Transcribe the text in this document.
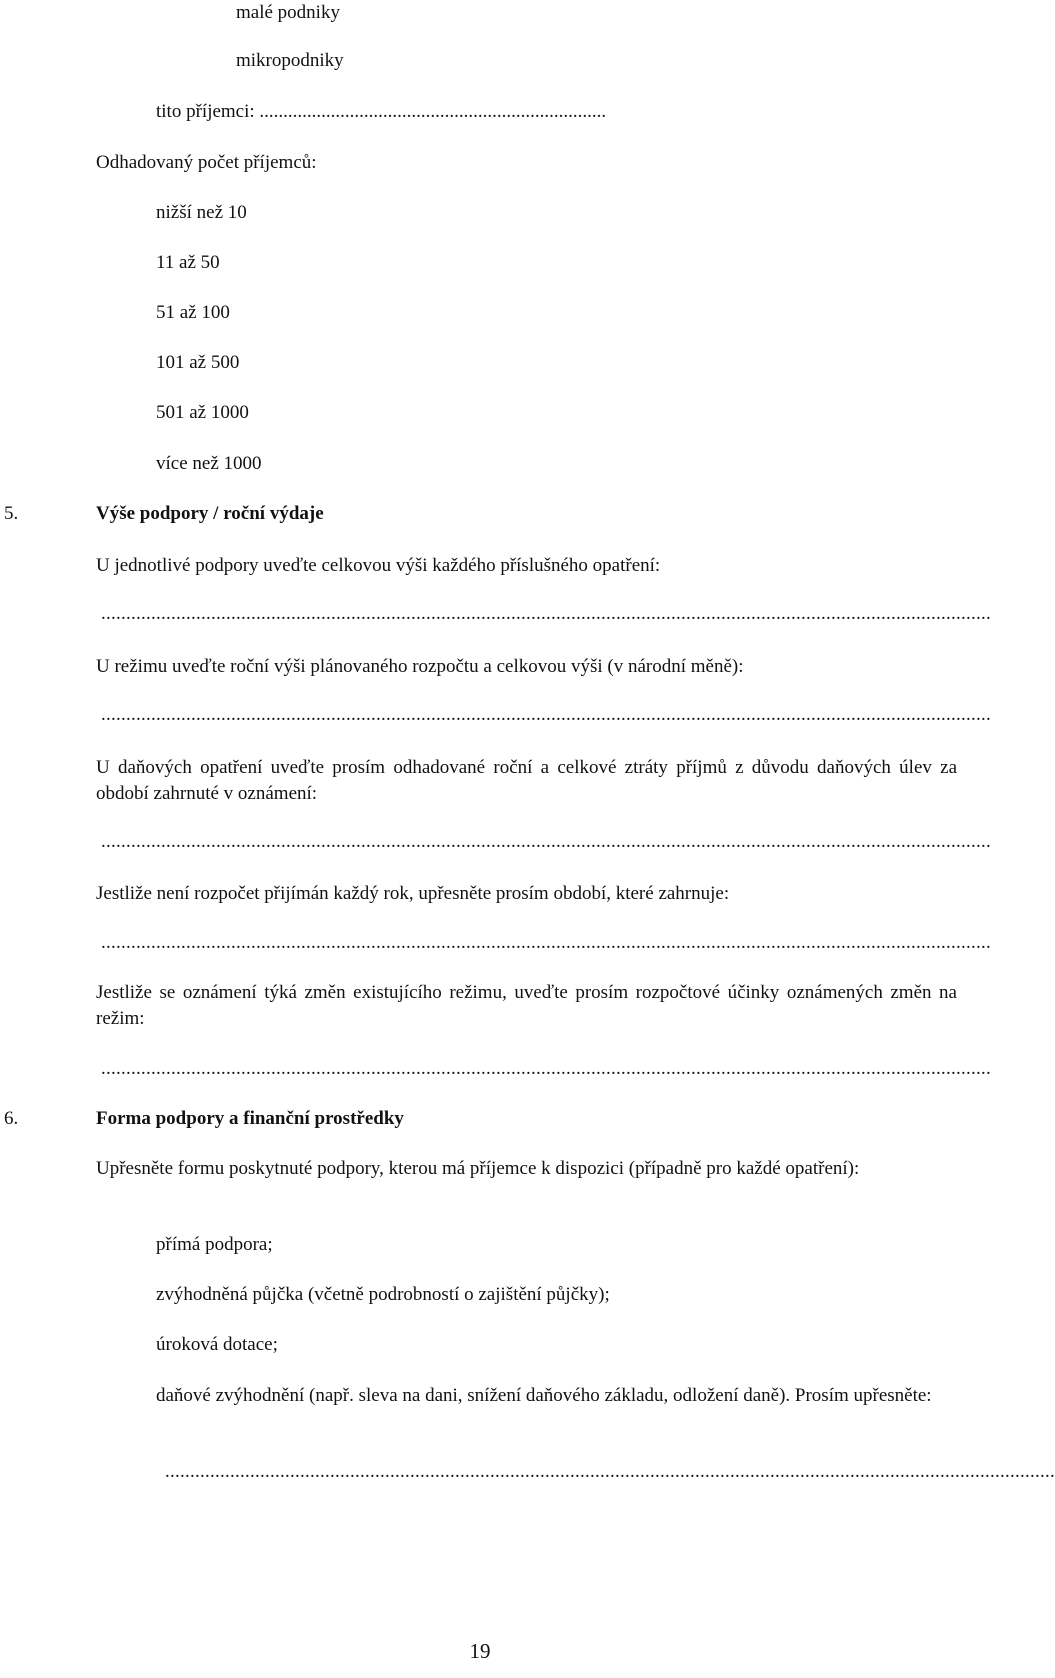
malé podniky

mikropodniky

tito příjemci: .........................................................................

Odhadovaný počet příjemců:

nižší než 10

11 až 50

51 až 100

101 až 500

501 až 1000

více než 1000

5.	Výše podpory / roční výdaje

U jednotlivé podpory uveďte celkovou výši každého příslušného opatření:

..................................................................................................................................................................................

U režimu uveďte roční výši plánovaného rozpočtu a celkovou výši (v národní měně):

..................................................................................................................................................................................

U daňových opatření uveďte prosím odhadované roční a celkové ztráty příjmů z důvodu daňových úlev za období zahrnuté v oznámení:

..................................................................................................................................................................................

Jestliže není rozpočet přijímán každý rok, upřesněte prosím období, které zahrnuje:

..................................................................................................................................................................................

Jestliže se oznámení týká změn existujícího režimu, uveďte prosím rozpočtové účinky oznámených změn na režim:

..................................................................................................................................................................................

6.	Forma podpory a finanční prostředky

Upřesněte formu poskytnuté podpory, kterou má příjemce k dispozici (případně pro každé opatření):

přímá podpora;

zvýhodněná půjčka (včetně podrobností o zajištění půjčky);

úroková dotace;

daňové zvýhodnění (např. sleva na dani, snížení daňového základu, odložení daně). Prosím upřesněte:

..................................................................................................................................................................................
19
